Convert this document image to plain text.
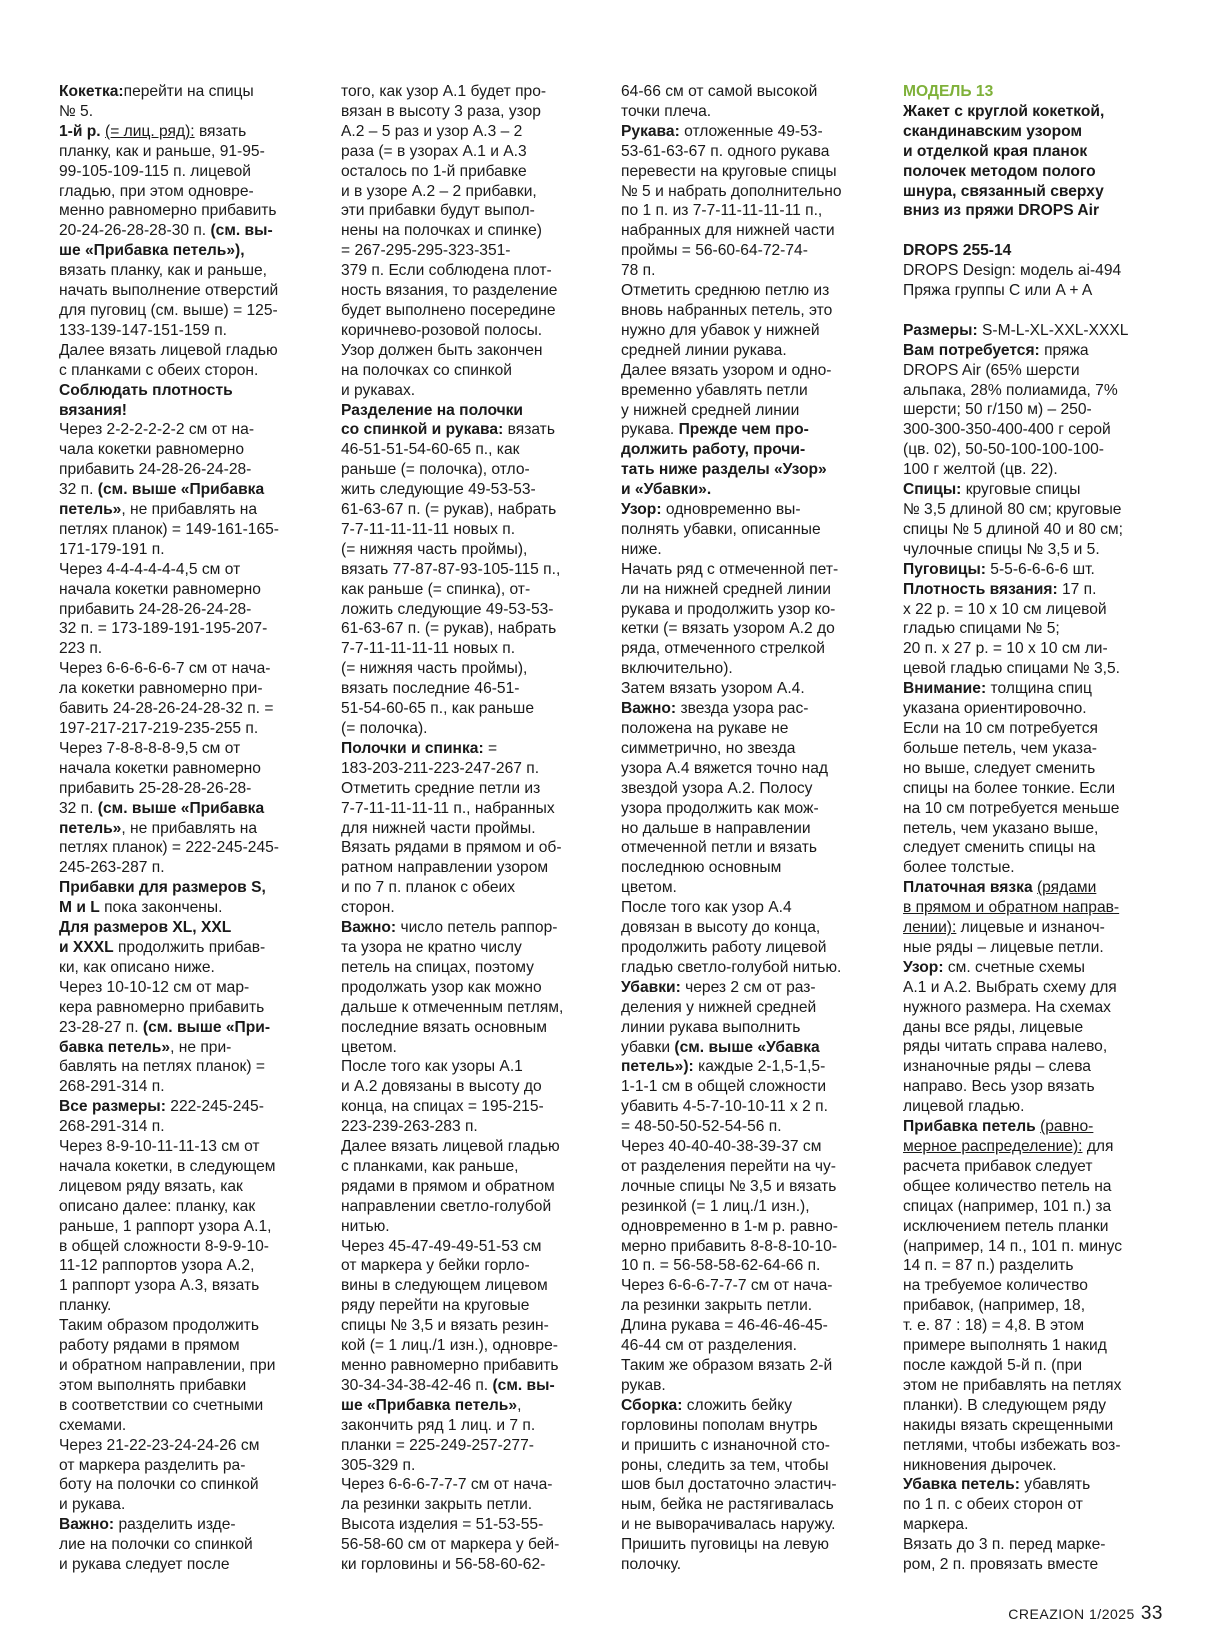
Кокетка:перейти на спицы
№ 5.
1-й р. (= лиц. ряд): вязать
планку, как и раньше, 91-95-
99-105-109-115 п. лицевой
гладью, при этом одновре-
менно равномерно прибавить
20-24-26-28-28-30 п. (см. вы-
ше «Прибавка петель»),
вязать планку, как и раньше,
начать выполнение отверстий
для пуговиц (см. выше) = 125-
133-139-147-151-159 п.
Далее вязать лицевой гладью
с планками с обеих сторон.
Соблюдать плотность
вязания!
Через 2-2-2-2-2-2 см от на-
чала кокетки равномерно
прибавить 24-28-26-24-28-
32 п. (см. выше «Прибавка
петель», не прибавлять на
петлях планок) = 149-161-165-
171-179-191 п.
Через 4-4-4-4-4-4,5 см от
начала кокетки равномерно
прибавить 24-28-26-24-28-
32 п. = 173-189-191-195-207-
223 п.
Через 6-6-6-6-6-7 см от нача-
ла кокетки равномерно при-
бавить 24-28-26-24-28-32 п. =
197-217-217-219-235-255 п.
Через 7-8-8-8-8-9,5 см от
начала кокетки равномерно
прибавить 25-28-28-26-28-
32 п. (см. выше «Прибавка
петель», не прибавлять на
петлях планок) = 222-245-245-
245-263-287 п.
Прибавки для размеров S,
M и L пока закончены.
Для размеров XL, XXL
и XXXL продолжить прибав-
ки, как описано ниже.
Через 10-10-12 см от мар-
кера равномерно прибавить
23-28-27 п. (см. выше «При-
бавка петель», не при-
бавлять на петлях планок) =
268-291-314 п.
Все размеры: 222-245-245-
268-291-314 п.
Через 8-9-10-11-11-13 см от
начала кокетки, в следующем
лицевом ряду вязать, как
описано далее: планку, как
раньше, 1 раппорт узора А.1,
в общей сложности 8-9-9-10-
11-12 раппортов узора А.2,
1 раппорт узора А.3, вязать
планку.
Таким образом продолжить
работу рядами в прямом
и обратном направлении, при
этом выполнять прибавки
в соответствии со счетными
схемами.
Через 21-22-23-24-24-26 см
от маркера разделить ра-
боту на полочки со спинкой
и рукава.
Важно: разделить изде-
лие на полочки со спинкой
и рукава следует после
того, как узор А.1 будет про-
вязан в высоту 3 раза, узор
А.2 – 5 раз и узор А.3 – 2
раза (= в узорах А.1 и А.3
осталось по 1-й прибавке
и в узоре А.2 – 2 прибавки,
эти прибавки будут выпол-
нены на полочках и спинке)
= 267-295-295-323-351-
379 п. Если соблюдена плот-
ность вязания, то разделение
будет выполнено посередине
коричнево-розовой полосы.
Узор должен быть закончен
на полочках со спинкой
и рукавах.
Разделение на полочки
со спинкой и рукава: вязать
46-51-51-54-60-65 п., как
раньше (= полочка), отло-
жить следующие 49-53-53-
61-63-67 п. (= рукав), набрать
7-7-11-11-11-11 новых п.
(= нижняя часть проймы),
вязать 77-87-87-93-105-115 п.,
как раньше (= спинка), от-
ложить следующие 49-53-53-
61-63-67 п. (= рукав), набрать
7-7-11-11-11-11 новых п.
(= нижняя часть проймы),
вязать последние 46-51-
51-54-60-65 п., как раньше
(= полочка).
Полочки и спинка: =
183-203-211-223-247-267 п.
Отметить средние петли из
7-7-11-11-11-11 п., набранных
для нижней части проймы.
Вязать рядами в прямом и об-
ратном направлении узором
и по 7 п. планок с обеих
сторон.
Важно: число петель раппор-
та узора не кратно числу
петель на спицах, поэтому
продолжать узор как можно
дальше к отмеченным петлям,
последние вязать основным
цветом.
После того как узоры А.1
и А.2 довязаны в высоту до
конца, на спицах = 195-215-
223-239-263-283 п.
Далее вязать лицевой гладью
с планками, как раньше,
рядами в прямом и обратном
направлении светло-голубой
нитью.
Через 45-47-49-49-51-53 см
от маркера у бейки горло-
вины в следующем лицевом
ряду перейти на круговые
спицы № 3,5 и вязать резин-
кой (= 1 лиц./1 изн.), одновре-
менно равномерно прибавить
30-34-34-38-42-46 п. (см. вы-
ше «Прибавка петель»,
закончить ряд 1 лиц. и 7 п.
планки = 225-249-257-277-
305-329 п.
Через 6-6-6-7-7-7 см от нача-
ла резинки закрыть петли.
Высота изделия = 51-53-55-
56-58-60 см от маркера у бей-
ки горловины и 56-58-60-62-
64-66 см от самой высокой
точки плеча.
Рукава: отложенные 49-53-
53-61-63-67 п. одного рукава
перевести на круговые спицы
№ 5 и набрать дополнительно
по 1 п. из 7-7-11-11-11-11 п.,
набранных для нижней части
проймы = 56-60-64-72-74-
78 п.
Отметить среднюю петлю из
вновь набранных петель, это
нужно для убавок у нижней
средней линии рукава.
Далее вязать узором и одно-
временно убавлять петли
у нижней средней линии
рукава. Прежде чем про-
должить работу, прочи-
тать ниже разделы «Узор»
и «Убавки».
Узор: одновременно вы-
полнять убавки, описанные
ниже.
Начать ряд с отмеченной пет-
ли на нижней средней линии
рукава и продолжить узор ко-
кетки (= вязать узором А.2 до
ряда, отмеченного стрелкой
включительно).
Затем вязать узором А.4.
Важно: звезда узора рас-
положена на рукаве не
симметрично, но звезда
узора А.4 вяжется точно над
звездой узора А.2. Полосу
узора продолжить как мож-
но дальше в направлении
отмеченной петли и вязать
последнюю основным
цветом.
После того как узор А.4
довязан в высоту до конца,
продолжить работу лицевой
гладью светло-голубой нитью.
Убавки: через 2 см от раз-
деления у нижней средней
линии рукава выполнить
убавки (см. выше «Убавка
петель»): каждые 2-1,5-1,5-
1-1-1 см в общей сложности
убавить 4-5-7-10-10-11 x 2 п.
= 48-50-50-52-54-56 п.
Через 40-40-40-38-39-37 см
от разделения перейти на чу-
лочные спицы № 3,5 и вязать
резинкой (= 1 лиц./1 изн.),
одновременно в 1-м р. равно-
мерно прибавить 8-8-8-10-10-
10 п. = 56-58-58-62-64-66 п.
Через 6-6-6-7-7-7 см от нача-
ла резинки закрыть петли.
Длина рукава = 46-46-46-45-
46-44 см от разделения.
Таким же образом вязать 2-й
рукав.
Сборка: сложить бейку
горловины пополам внутрь
и пришить с изнаночной сто-
роны, следить за тем, чтобы
шов был достаточно эластич-
ным, бейка не растягивалась
и не выворачивалась наружу.
Пришить пуговицы на левую
полочку.
МОДЕЛЬ 13
Жакет с круглой кокеткой,
скандинавским узором
и отделкой края планок
полочек методом полого
шнура, связанный сверху
вниз из пряжи DROPS Air
DROPS 255-14
DROPS Design: модель ai-494
Пряжа группы C или A + A
Размеры: S-M-L-XL-XXL-XXXL
Вам потребуется: пряжа
DROPS Air (65% шерсти
альпака, 28% полиамида, 7%
шерсти; 50 г/150 м) – 250-
300-300-350-400-400 г серой
(цв. 02), 50-50-100-100-100-
100 г желтой (цв. 22).
Спицы: круговые спицы
№ 3,5 длиной 80 см; круговые
спицы № 5 длиной 40 и 80 см;
чулочные спицы № 3,5 и 5.
Пуговицы: 5-5-6-6-6-6 шт.
Плотность вязания: 17 п.
x 22 р. = 10 x 10 см лицевой
гладью спицами № 5;
20 п. x 27 р. = 10 x 10 см ли-
цевой гладью спицами № 3,5.
Внимание: толщина спиц
указана ориентировочно.
Если на 10 см потребуется
больше петель, чем указа-
но выше, следует сменить
спицы на более тонкие. Если
на 10 см потребуется меньше
петель, чем указано выше,
следует сменить спицы на
более толстые.
Платочная вязка (рядами
в прямом и обратном направ-
лении): лицевые и изнаноч-
ные ряды – лицевые петли.
Узор: см. счетные схемы
А.1 и А.2. Выбрать схему для
нужного размера. На схемах
даны все ряды, лицевые
ряды читать справа налево,
изнаночные ряды – слева
направо. Весь узор вязать
лицевой гладью.
Прибавка петель (равно-
мерное распределение): для
расчета прибавок следует
общее количество петель на
спицах (например, 101 п.) за
исключением петель планки
(например, 14 п., 101 п. минус
14 п. = 87 п.) разделить
на требуемое количество
прибавок, (например, 18,
т. е. 87 : 18) = 4,8. В этом
примере выполнять 1 накид
после каждой 5-й п. (при
этом не прибавлять на петлях
планки). В следующем ряду
накиды вязать скрещенными
петлями, чтобы избежать воз-
никновения дырочек.
Убавка петель: убавлять
по 1 п. с обеих сторон от
маркера.
Вязать до 3 п. перед марке-
ром, 2 п. провязать вместе
CREAZION 1/2025 33
